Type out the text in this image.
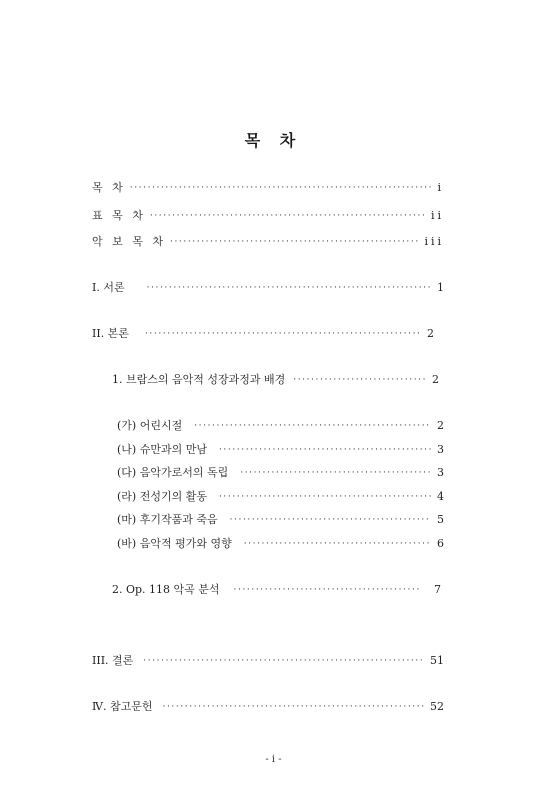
목 차
목 차 ·····	i
표 목 차 ·····	ii
악 보 목 차 ·····	iii
I. 서론 ·····	1
II. 본론 ·····	2
1. 브람스의 음악적 성장과정과 배경 ·····	2
(가) 어린시절 ·····	2
(나) 슈만과의 만남 ·····	3
(다) 음악가로서의 독립 ·····	3
(라) 전성기의 활동 ·····	4
(마) 후기작품과 죽음 ·····	5
(바) 음악적 평가와 영향 ·····	6
2. Op. 118 악곡 분석 ·····	7
III. 결론 ·····	51
Ⅳ. 참고문헌 ·····	52
- i -
